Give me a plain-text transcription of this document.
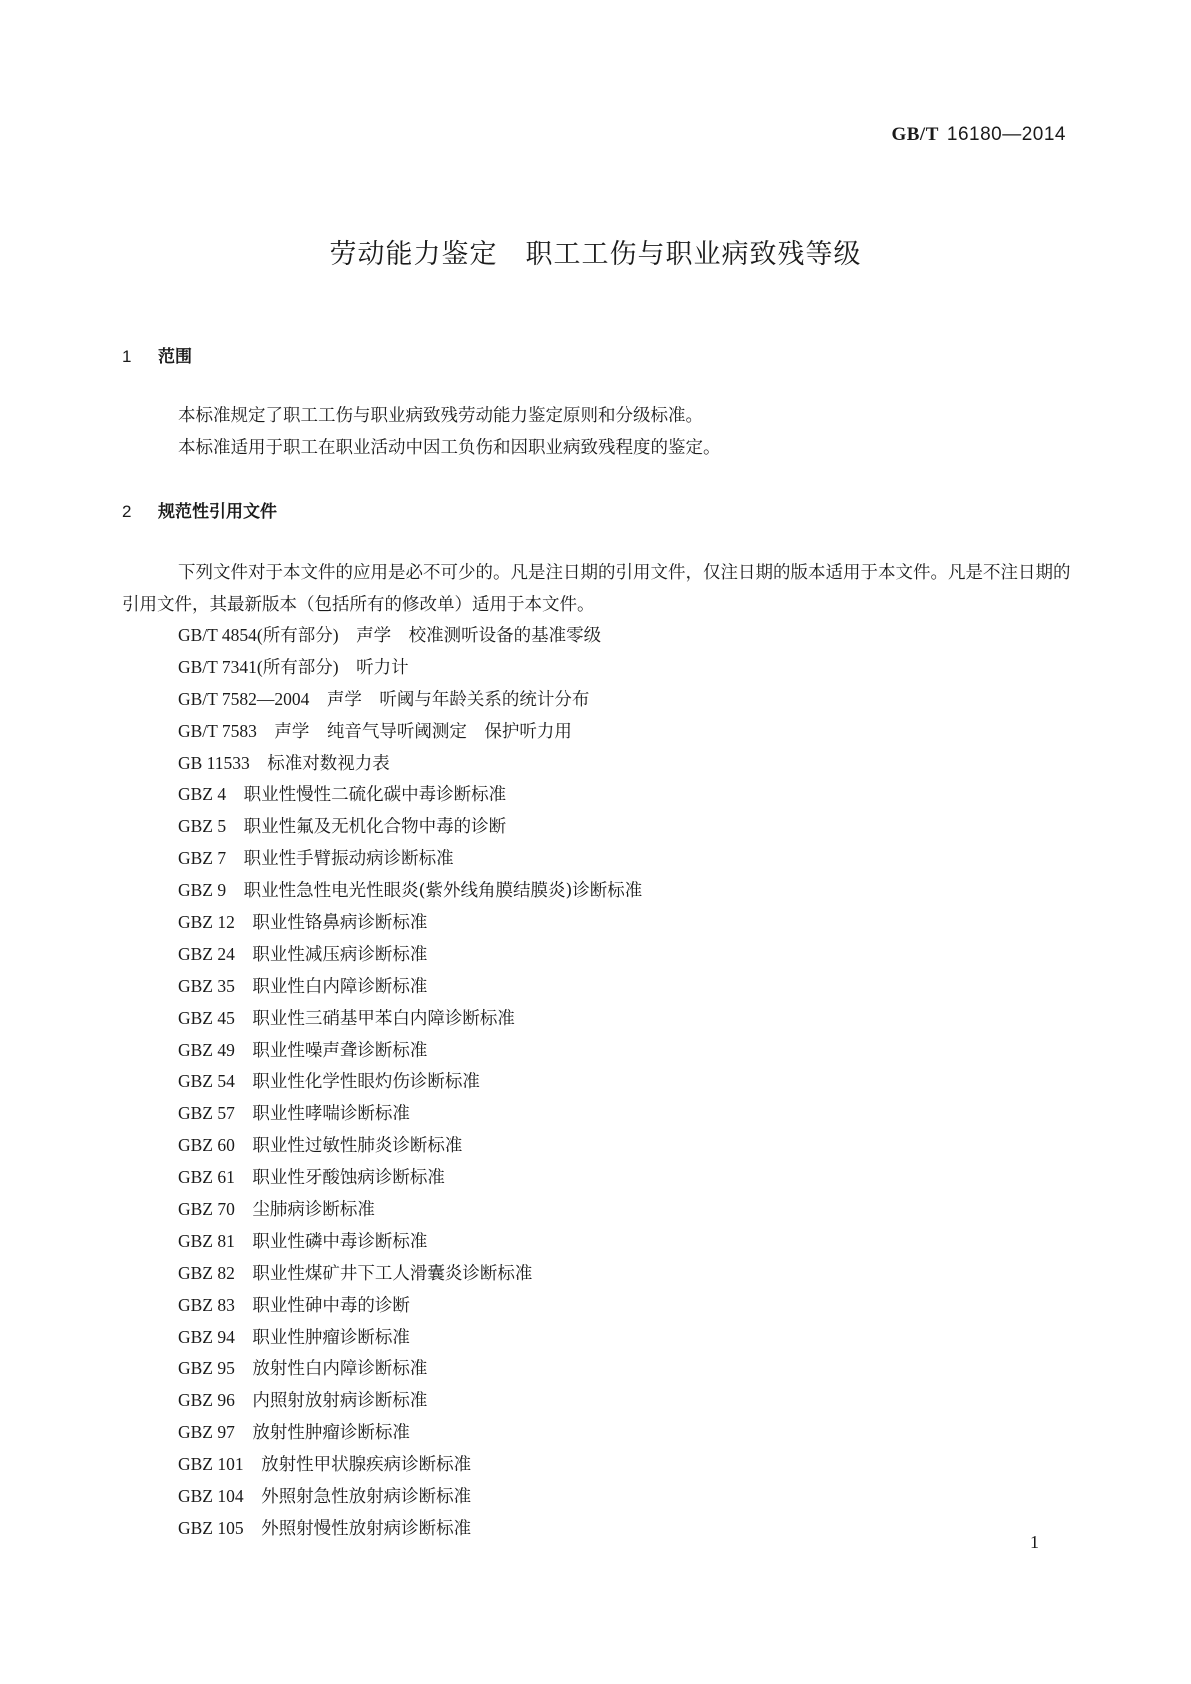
GB/T 16180—2014
劳动能力鉴定　职工工伤与职业病致残等级
1 范围
本标准规定了职工工伤与职业病致残劳动能力鉴定原则和分级标准。
本标准适用于职工在职业活动中因工负伤和因职业病致残程度的鉴定。
2 规范性引用文件
下列文件对于本文件的应用是必不可少的。凡是注日期的引用文件，仅注日期的版本适用于本文件。凡是不注日期的引用文件，其最新版本（包括所有的修改单）适用于本文件。
GB/T 4854(所有部分)　 声学　校准测听设备的基准零级
GB/T 7341(所有部分)　 听力计
GB/T 7582—2004　 声学　听阈与年龄关系的统计分布
GB/T 7583　 声学　纯音气导听阈测定　保护听力用
GB 11533　 标准对数视力表
GBZ 4　 职业性慢性二硫化碳中毒诊断标准
GBZ 5　 职业性氟及无机化合物中毒的诊断
GBZ 7　 职业性手臂振动病诊断标准
GBZ 9　 职业性急性电光性眼炎(紫外线角膜结膜炎)诊断标准
GBZ 12　 职业性铬鼻病诊断标准
GBZ 24　 职业性减压病诊断标准
GBZ 35　 职业性白内障诊断标准
GBZ 45　 职业性三硝基甲苯白内障诊断标准
GBZ 49　 职业性噪声聋诊断标准
GBZ 54　 职业性化学性眼灼伤诊断标准
GBZ 57　 职业性哮喘诊断标准
GBZ 60　 职业性过敏性肺炎诊断标准
GBZ 61　 职业性牙酸蚀病诊断标准
GBZ 70　 尘肺病诊断标准
GBZ 81　 职业性磷中毒诊断标准
GBZ 82　 职业性煤矿井下工人滑囊炎诊断标准
GBZ 83　 职业性砷中毒的诊断
GBZ 94　 职业性肿瘤诊断标准
GBZ 95　 放射性白内障诊断标准
GBZ 96　 内照射放射病诊断标准
GBZ 97　 放射性肿瘤诊断标准
GBZ 101　 放射性甲状腺疾病诊断标准
GBZ 104　 外照射急性放射病诊断标准
GBZ 105　 外照射慢性放射病诊断标准
1
